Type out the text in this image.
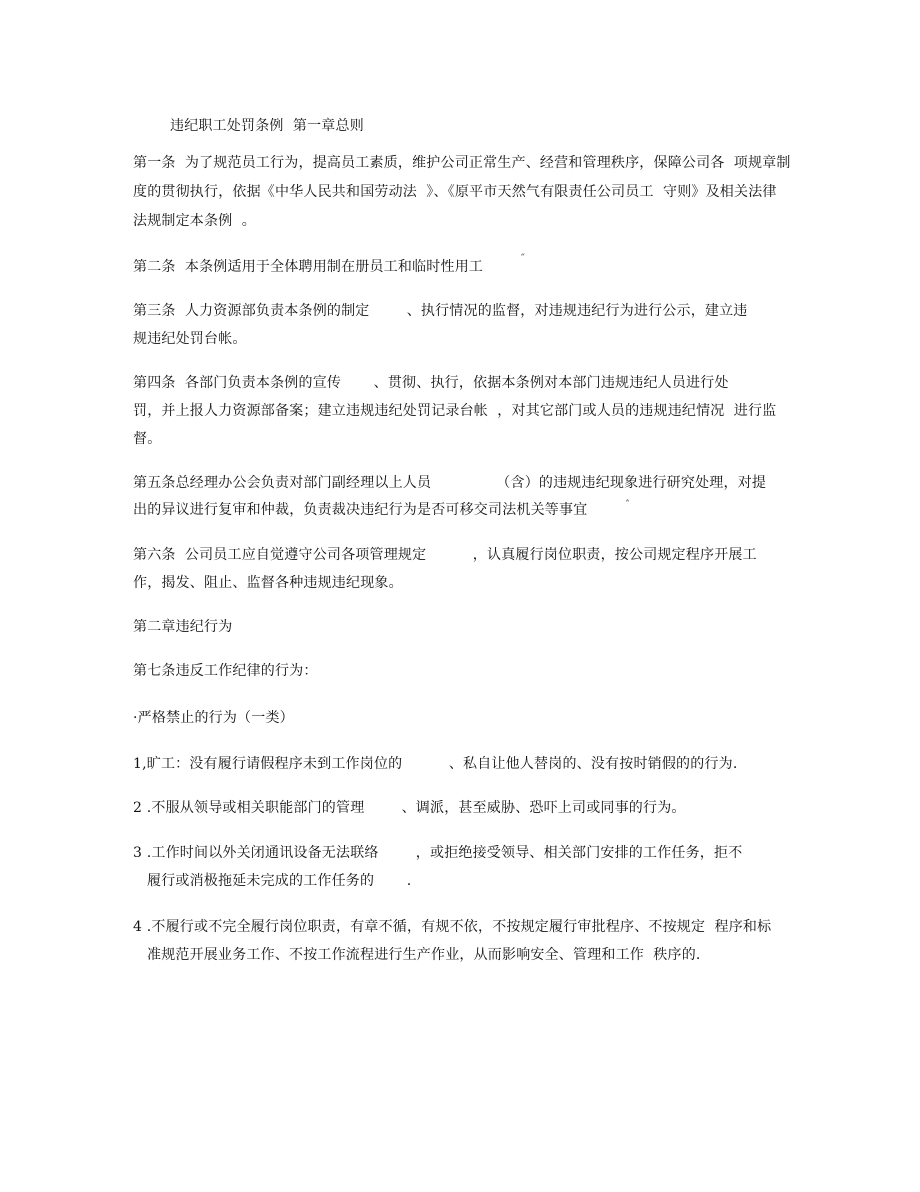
违纪职工处罚条例  第一章总则
第一条  为了规范员工行为，提高员工素质，维护公司正常生产、经营和管理秩序，保障公司各  项规章制
度的贯彻执行，依据《中华人民共和国劳动法  》、《原平市天然气有限责任公司员工  守则》及相关法律
法规制定本条例  。
第二条  本条例适用于全体聘用制在册员工和临时性用工	˝
第三条  人力资源部负责本条例的制定        、执行情况的监督，对违规违纪行为进行公示，建立违
规违纪处罚台帐。
第四条  各部门负责本条例的宣传       、贯彻、执行，依据本条例对本部门违规违纪人员进行处
罚，并上报人力资源部备案；建立违规违纪处罚记录台帐  ，对其它部门或人员的违规违纪情况  进行监
督。
第五条总经理办公会负责对部门副经理以上人员              （含）的违规违纪现象进行研究处理，对提
出的异议进行复审和仲裁，负责裁决违纪行为是否可移交司法机关等事宜	ˆ
第六条  公司员工应自觉遵守公司各项管理规定          ，认真履行岗位职责，按公司规定程序开展工
作，揭发、阻止、监督各种违规违纪现象。
第二章违纪行为
第七条违反工作纪律的行为：
·严格禁止的行为（一类）
1,旷工：没有履行请假程序未到工作岗位的          、私自让他人替岗的、没有按时销假的的行为.
2 .不服从领导或相关职能部门的管理        、调派，甚至威胁、恐吓上司或同事的行为。
3 .工作时间以外关闭通讯设备无法联络        ，或拒绝接受领导、相关部门安排的工作任务，拒不
履行或消极拖延未完成的工作任务的       .
4 .不履行或不完全履行岗位职责，有章不循，有规不依，不按规定履行审批程序、不按规定  程序和标
准规范开展业务工作、不按工作流程进行生产作业，从而影响安全、管理和工作  秩序的.
